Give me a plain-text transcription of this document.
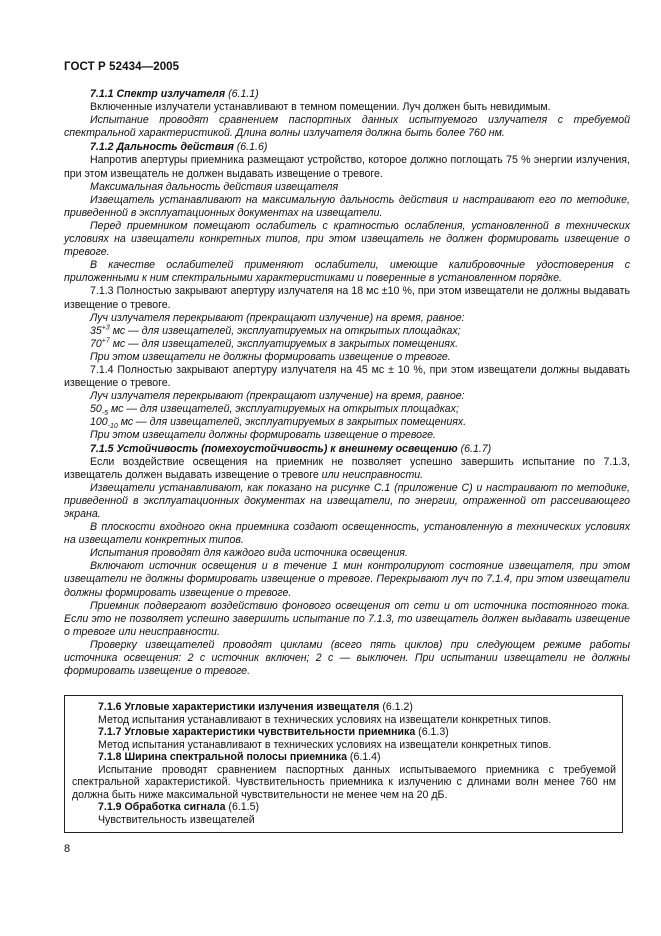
ГОСТ Р 52434—2005

7.1.1 Спектр излучателя (6.1.1)

Включенные излучатели устанавливают в темном помещении. Луч должен быть невидимым.

Испытание проводят сравнением паспортных данных испытуемого излучателя с требуемой спектральной характеристикой. Длина волны излучателя должна быть более 760 нм.

7.1.2 Дальность действия (6.1.6)

Напротив апертуры приемника размещают устройство, которое должно поглощать 75 % энергии излучения, при этом извещатель не должен выдавать извещение о тревоге.

Максимальная дальность действия извещателя

Извещатель устанавливают на максимальную дальность действия и настраивают его по методике, приведенной в эксплуатационных документах на извещатели.

Перед приемником помещают ослабитель с кратностью ослабления, установленной в технических условиях на извещатели конкретных типов, при этом извещатель не должен формировать извещение о тревоге.

В качестве ослабителей применяют ослабители, имеющие калибровочные удостоверения с приложенными к ним спектральными характеристиками и поверенные в установленном порядке.

7.1.3 Полностью закрывают апертуру излучателя на 18 мс ±10 %, при этом извещатели не должны выдавать извещение о тревоге.

Луч излучателя перекрывают (прекращают излучение) на время, равное:

$35^{+3}$ мс — для извещателей, эксплуатируемых на открытых площадках;

$70^{+7}$ мс — для извещателей, эксплуатируемых в закрытых помещениях.

При этом извещатели не должны формировать извещение о тревоге.

7.1.4 Полностью закрывают апертуру излучателя на 45 мс ± 10 %, при этом извещатели должны выдавать извещение о тревоге.

Луч излучателя перекрывают (прекращают излучение) на время, равное:

$50_{-5}$ мс — для извещателей, эксплуатируемых на открытых площадках;

$100_{-10}$ мс — для извещателей, эксплуатируемых в закрытых помещениях.

При этом извещатели должны формировать извещение о тревоге.

7.1.5 Устойчивость (помехоустойчивость) к внешнему освещению (6.1.7)

Если воздействие освещения на приемник не позволяет успешно завершить испытание по 7.1.3, извещатель должен выдавать извещение о тревоге или неисправности.

Извещатели устанавливают, как показано на рисунке С.1 (приложение С) и настраивают по методике, приведенной в эксплуатационных документах на извещатели, по энергии, отраженной от рассеивающего экрана.

В плоскости входного окна приемника создают освещенность, установленную в технических условиях на извещатели конкретных типов.

Испытания проводят для каждого вида источника освещения.

Включают источник освещения и в течение 1 мин контролируют состояние извещателя, при этом извещатели не должны формировать извещение о тревоге. Перекрывают луч по 7.1.4, при этом извещатели должны формировать извещение о тревоге.

Приемник подвергают воздействию фонового освещения от сети и от источника постоянного тока. Если это не позволяет успешно завершить испытание по 7.1.3, то извещатель должен выдавать извещение о тревоге или неисправности.

Проверку извещателей проводят циклами (всего пять циклов) при следующем режиме работы источника освещения: 2 с источник включен; 2 с — выключен. При испытании извещатели не должны формировать извещение о тревоге.

7.1.6 Угловые характеристики излучения извещателя (6.1.2)

Метод испытания устанавливают в технических условиях на извещатели конкретных типов.

7.1.7 Угловые характеристики чувствительности приемника (6.1.3)

Метод испытания устанавливают в технических условиях на извещатели конкретных типов.

7.1.8 Ширина спектральной полосы приемника (6.1.4)

Испытание проводят сравнением паспортных данных испытываемого приемника с требуемой спектральной характеристикой. Чувствительность приемника к излучению с длинами волн менее 760 нм должна быть ниже максимальной чувствительности не менее чем на 20 дБ.

7.1.9 Обработка сигнала (6.1.5)

Чувствительность извещателей

8
